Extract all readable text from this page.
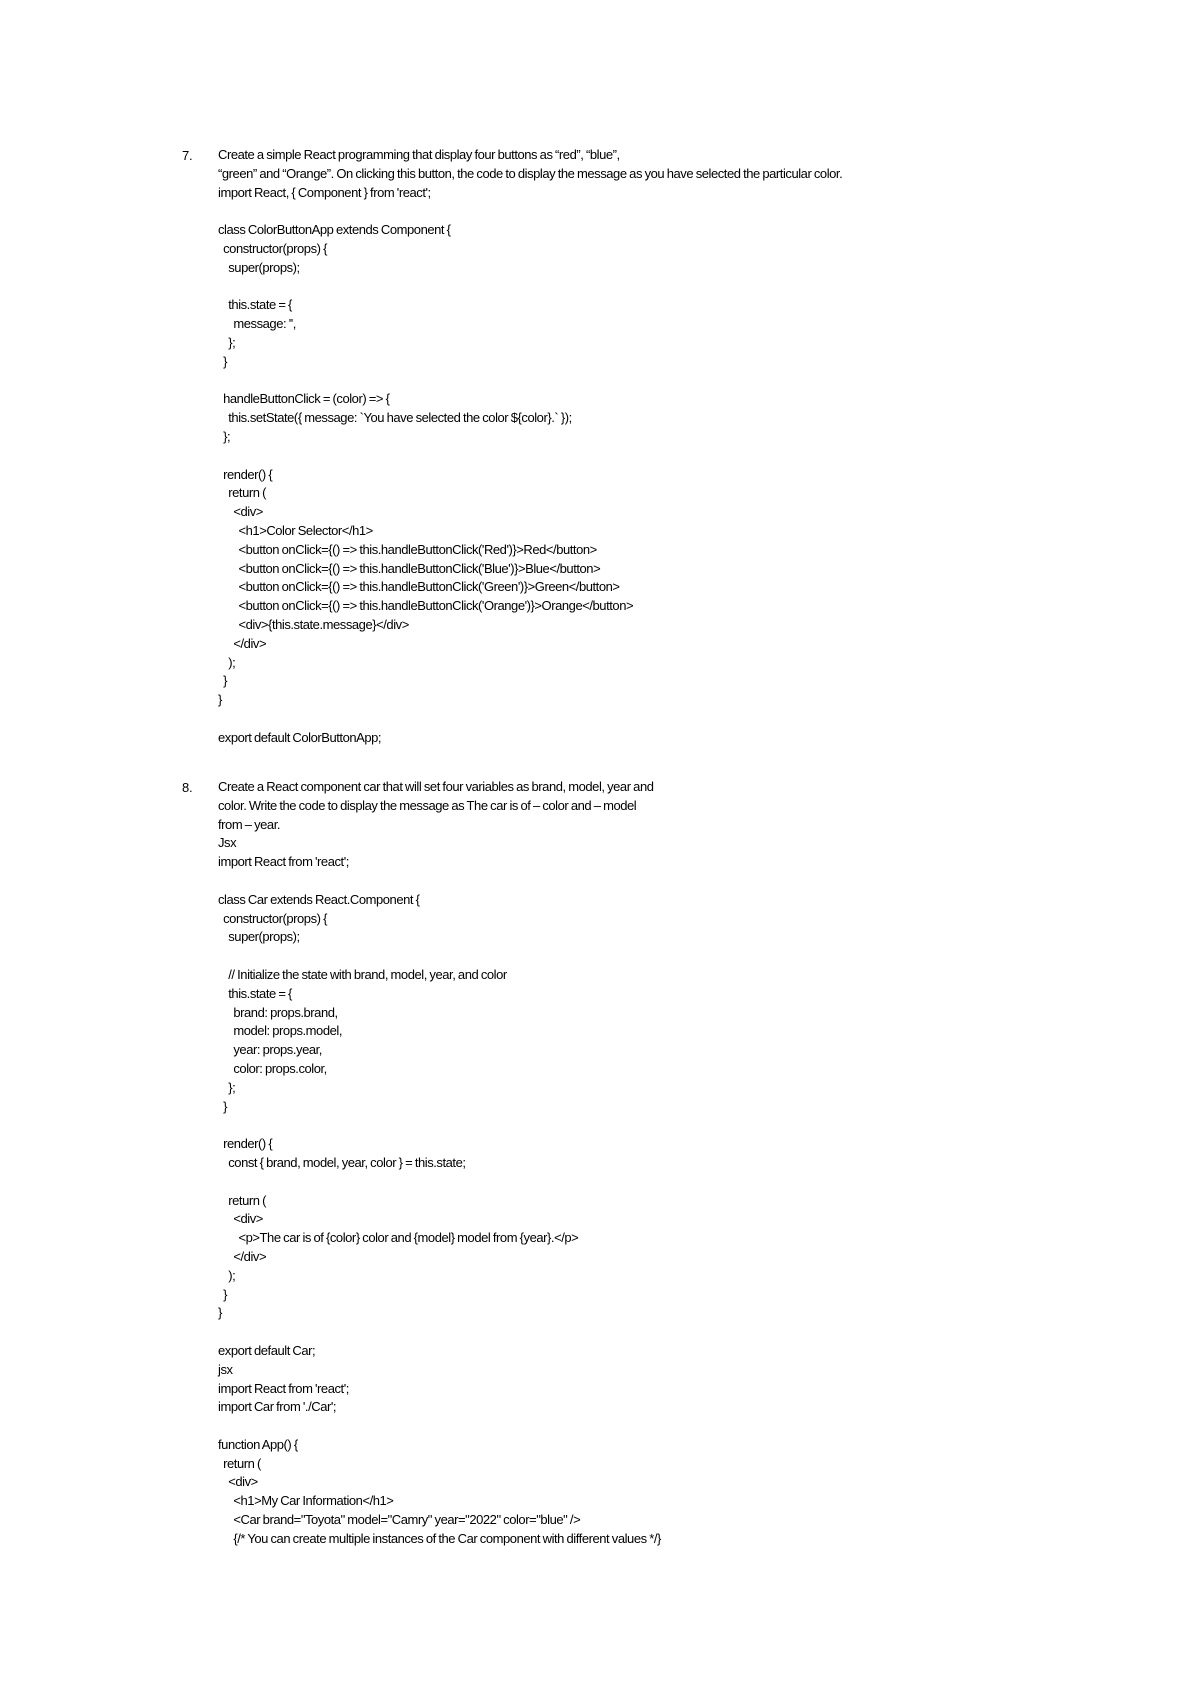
7. Create a simple React programming that display four buttons as “red”, “blue”,
“green” and “Orange”. On clicking this button, the code to display the message as you have selected the particular color.
import React, { Component } from 'react';
class ColorButtonApp extends Component {
constructor(props) {
super(props);
this.state = {
message: '',
};
}
handleButtonClick = (color) => {
this.setState({ message: `You have selected the color ${color}.` });
};
render() {
return (
<div>
<h1>Color Selector</h1>
<button onClick={() => this.handleButtonClick('Red')}>Red</button>
<button onClick={() => this.handleButtonClick('Blue')}>Blue</button>
<button onClick={() => this.handleButtonClick('Green')}>Green</button>
<button onClick={() => this.handleButtonClick('Orange')}>Orange</button>
<div>{this.state.message}</div>
</div>
);
}
}
export default ColorButtonApp;
8. Create a React component car that will set four variables as brand, model, year and
color. Write the code to display the message as The car is of – color and – model
from – year.
Jsx
import React from 'react';
class Car extends React.Component {
constructor(props) {
super(props);
// Initialize the state with brand, model, year, and color
this.state = {
brand: props.brand,
model: props.model,
year: props.year,
color: props.color,
};
}
render() {
const { brand, model, year, color } = this.state;
return (
<div>
<p>The car is of {color} color and {model} model from {year}.</p>
</div>
);
}
}
export default Car;
jsx
import React from 'react';
import Car from './Car';
function App() {
return (
<div>
<h1>My Car Information</h1>
<Car brand="Toyota" model="Camry" year="2022" color="blue" />
{/* You can create multiple instances of the Car component with different values */}
